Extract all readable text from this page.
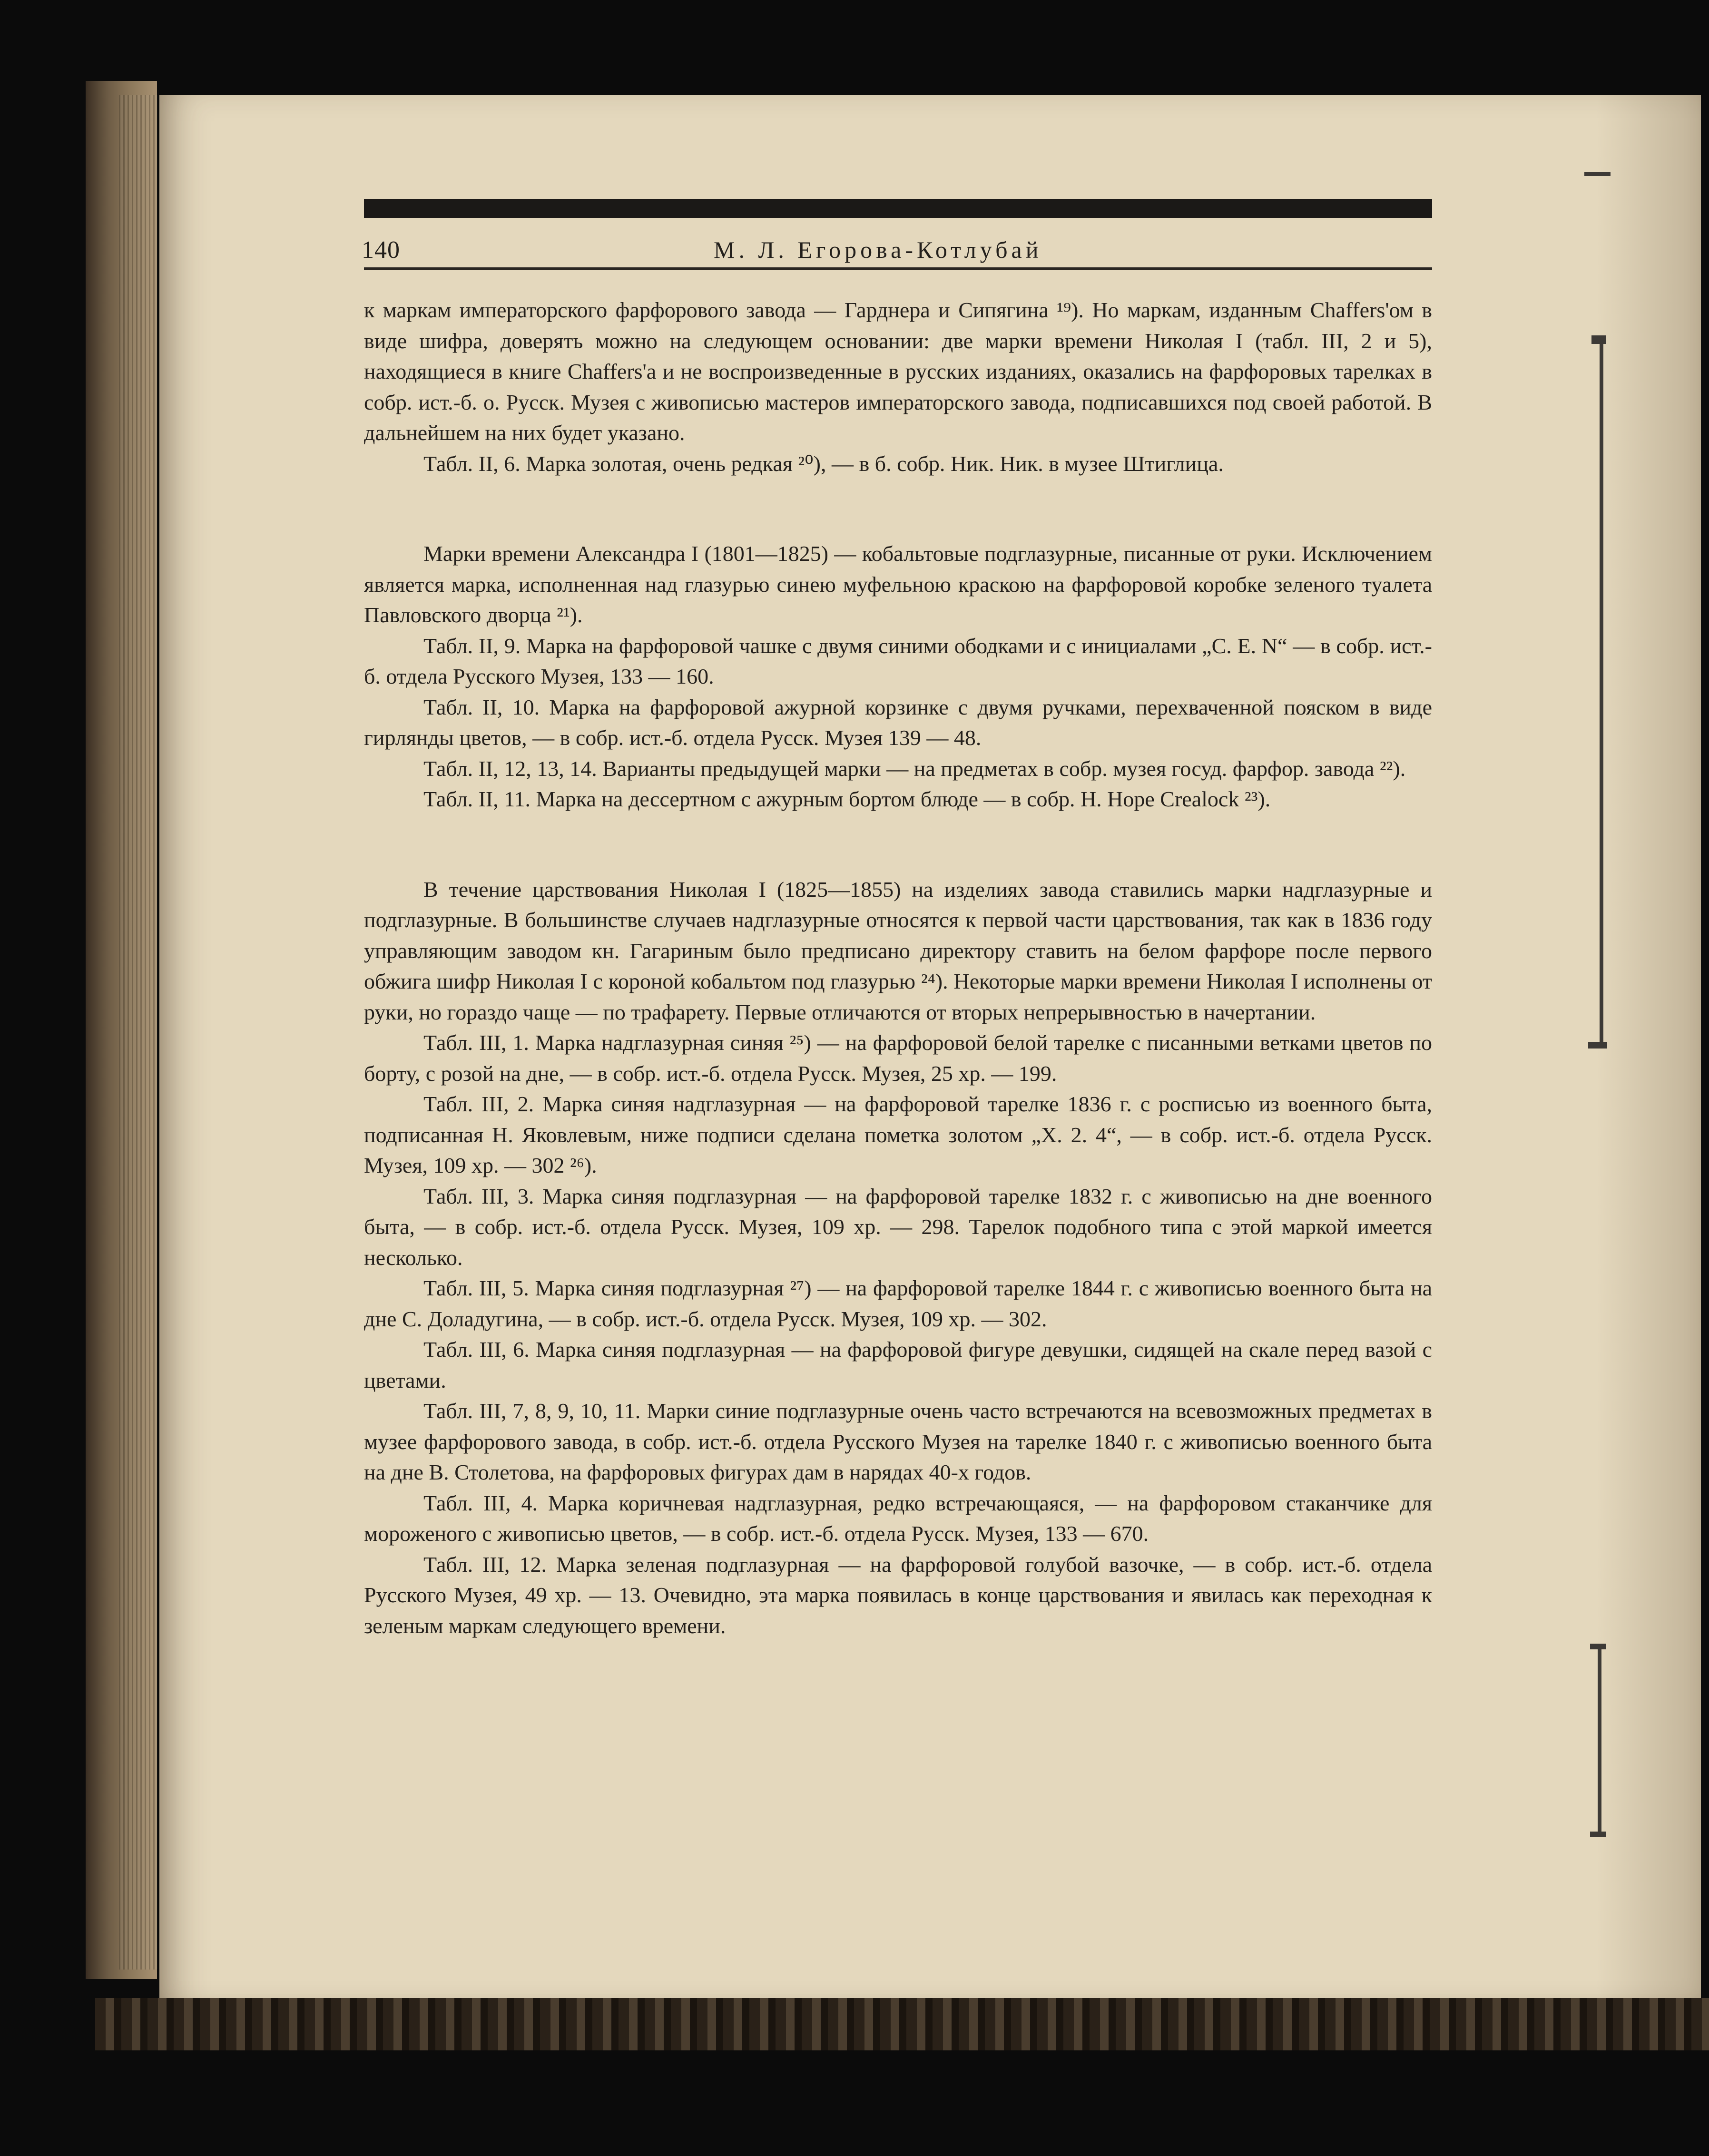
140	М. Л. Егорова-Котлубай

к маркам императорского фарфорового завода — Гарднера и Сипягина ¹⁹). Но маркам, изданным Chaffers'ом в виде шифра, доверять можно на следующем основании: две марки времени Николая I (табл. III, 2 и 5), находящиеся в книге Chaffers'а и не воспроизведенные в русских изданиях, оказались на фарфоровых тарелках в собр. ист.-б. о. Русск. Музея с живописью мастеров императорского завода, подписавшихся под своей работой. В дальнейшем на них будет указано.

Табл. II, 6. Марка золотая, очень редкая ²⁰), — в б. собр. Ник. Ник. в музее Штиглица.

Марки времени Александра I (1801—1825) — кобальтовые подглазурные, писанные от руки. Исключением является марка, исполненная над глазурью синею муфельною краскою на фарфоровой коробке зеленого туалета Павловского дворца ²¹).

Табл. II, 9. Марка на фарфоровой чашке с двумя синими ободками и с инициалами „С. Е. N“ — в собр. ист.-б. отдела Русского Музея, 133 — 160.

Табл. II, 10. Марка на фарфоровой ажурной корзинке с двумя ручками, перехваченной пояском в виде гирлянды цветов, — в собр. ист.-б. отдела Русск. Музея 139 — 48.

Табл. II, 12, 13, 14. Варианты предыдущей марки — на предметах в собр. музея госуд. фарфор. завода ²²).

Табл. II, 11. Марка на дессертном с ажурным бортом блюде — в собр. H. Hope Crealock ²³).

В течение царствования Николая I (1825—1855) на изделиях завода ставились марки надглазурные и подглазурные. В большинстве случаев надглазурные относятся к первой части царствования, так как в 1836 году управляющим заводом кн. Гагариным было предписано директору ставить на белом фарфоре после первого обжига шифр Николая I с короной кобальтом под глазурью ²⁴). Некоторые марки времени Николая I исполнены от руки, но гораздо чаще — по трафарету. Первые отличаются от вторых непрерывностью в начертании.

Табл. III, 1. Марка надглазурная синяя ²⁵) — на фарфоровой белой тарелке с писанными ветками цветов по борту, с розой на дне, — в собр. ист.-б. отдела Русск. Музея, 25 хр. — 199.

Табл. III, 2. Марка синяя надглазурная — на фарфоровой тарелке 1836 г. с росписью из военного быта, подписанная Н. Яковлевым, ниже подписи сделана пометка золотом „Х. 2. 4“, — в собр. ист.-б. отдела Русск. Музея, 109 хр. — 302 ²⁶).

Табл. III, 3. Марка синяя подглазурная — на фарфоровой тарелке 1832 г. с живописью на дне военного быта, — в собр. ист.-б. отдела Русск. Музея, 109 хр. — 298. Тарелок подобного типа с этой маркой имеется несколько.

Табл. III, 5. Марка синяя подглазурная ²⁷) — на фарфоровой тарелке 1844 г. с живописью военного быта на дне С. Доладугина, — в собр. ист.-б. отдела Русск. Музея, 109 хр. — 302.

Табл. III, 6. Марка синяя подглазурная — на фарфоровой фигуре девушки, сидящей на скале перед вазой с цветами.

Табл. III, 7, 8, 9, 10, 11. Марки синие подглазурные очень часто встречаются на всевозможных предметах в музее фарфорового завода, в собр. ист.-б. отдела Русского Музея на тарелке 1840 г. с живописью военного быта на дне В. Столетова, на фарфоровых фигурах дам в нарядах 40-х годов.

Табл. III, 4. Марка коричневая надглазурная, редко встречающаяся, — на фарфоровом стаканчике для мороженого с живописью цветов, — в собр. ист.-б. отдела Русск. Музея, 133 — 670.

Табл. III, 12. Марка зеленая подглазурная — на фарфоровой голубой вазочке, — в собр. ист.-б. отдела Русского Музея, 49 хр. — 13. Очевидно, эта марка появилась в конце царствования и явилась как переходная к зеленым маркам следующего времени.
